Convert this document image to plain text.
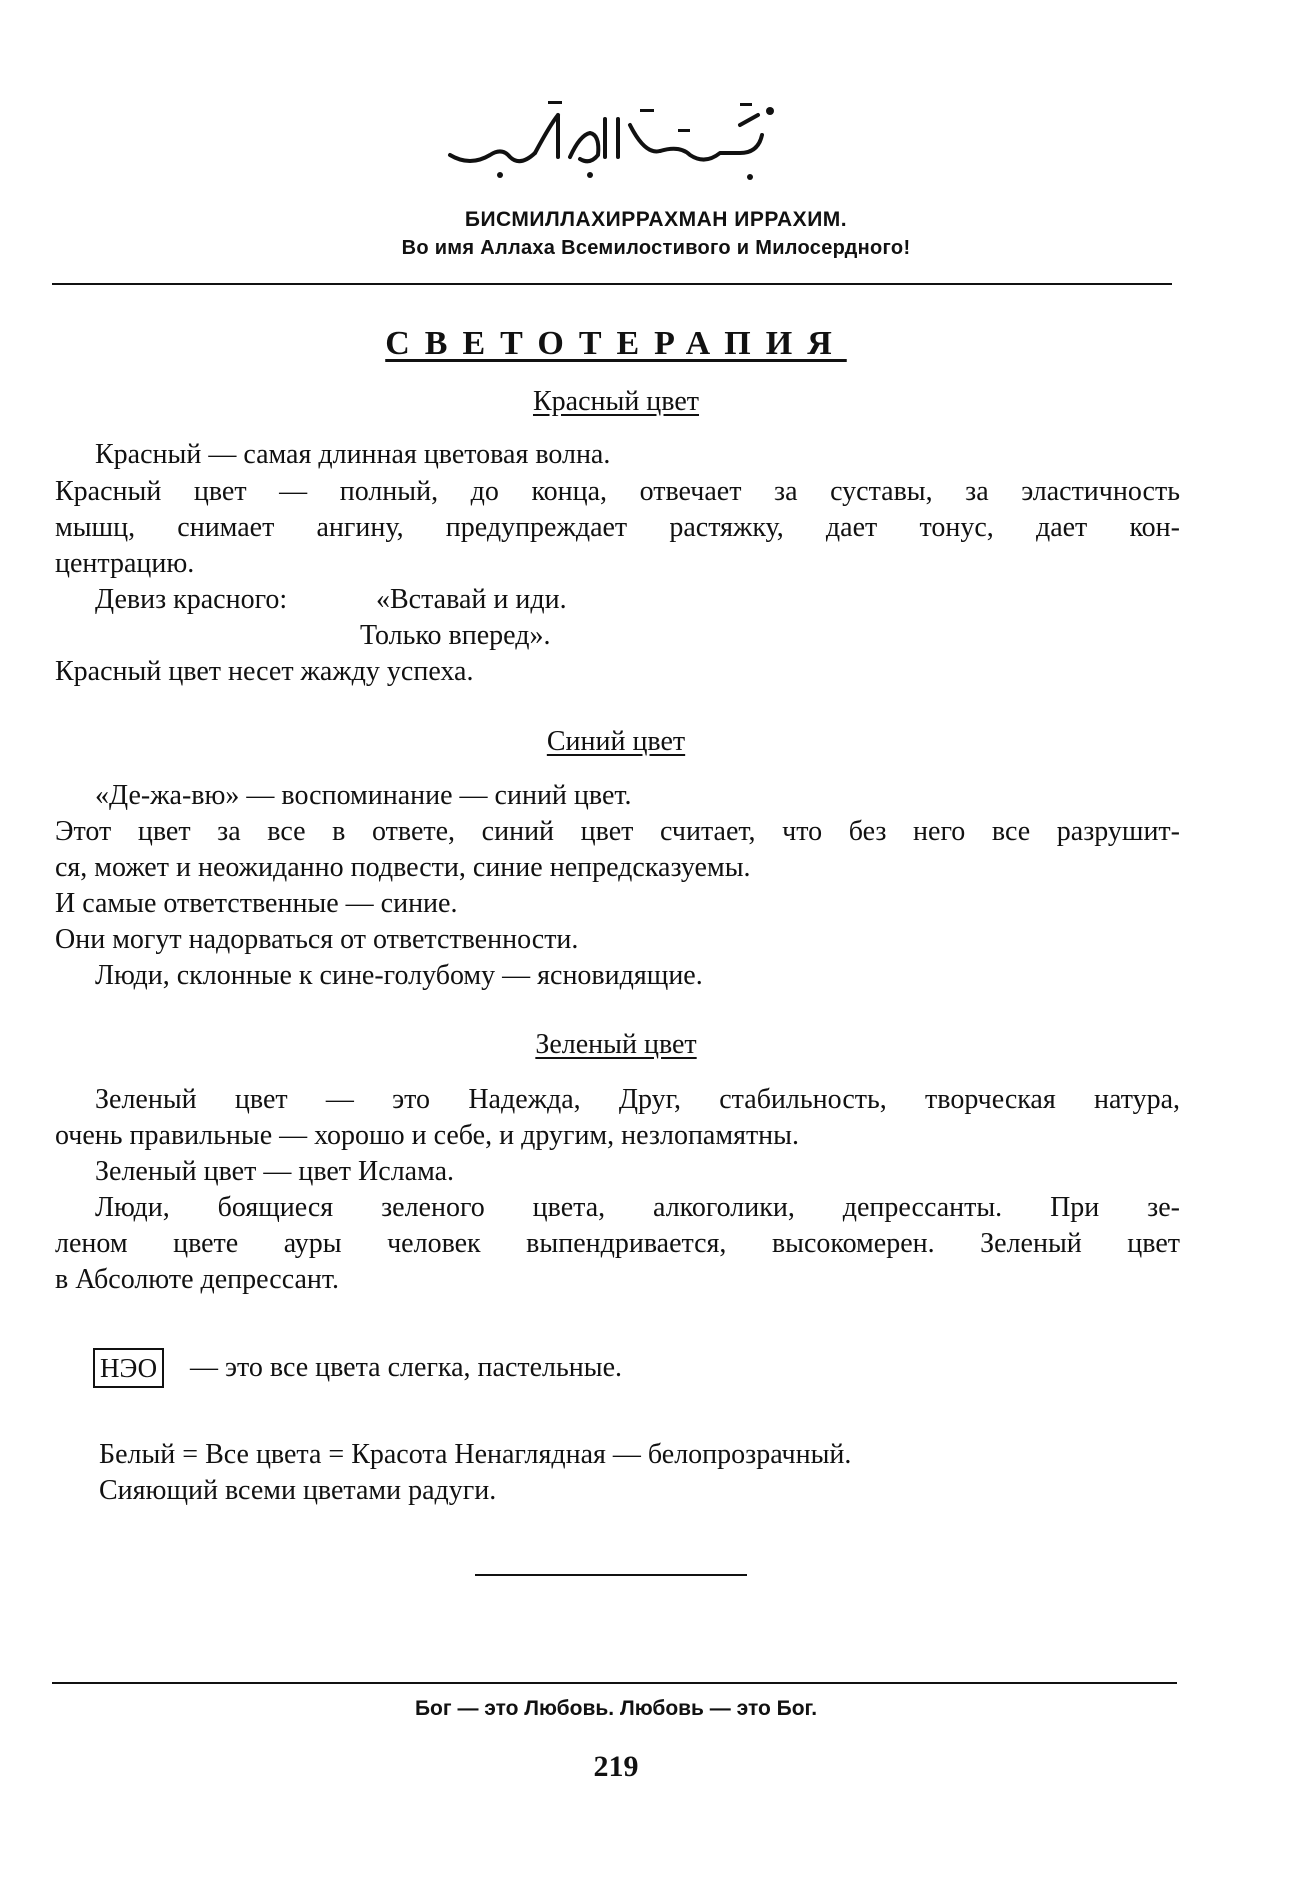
БИСМИЛЛАХИРРАХМАН ИРРАХИМ.
Во имя Аллаха Всемилостивого и Милосердного!
СВЕТОТЕРАПИЯ
Красный цвет
Красный — самая длинная цветовая волна.
Красный цвет — полный, до конца, отвечает за суставы, за эластичность
мышц, снимает ангину, предупреждает растяжку, дает тонус, дает кон-
центрацию.
Девиз красного:	«Вставай и иди.
Только вперед».
Красный цвет несет жажду успеха.
Синий цвет
«Де-жа-вю» — воспоминание — синий цвет.
Этот цвет за все в ответе, синий цвет считает, что без него все разрушит-
ся, может и неожиданно подвести, синие непредсказуемы.
И самые ответственные — синие.
Они могут надорваться от ответственности.
Люди, склонные к сине-голубому — ясновидящие.
Зеленый цвет
Зеленый цвет — это Надежда, Друг, стабильность, творческая натура,
очень правильные — хорошо и себе, и другим, незлопамятны.
Зеленый цвет — цвет Ислама.
Люди, боящиеся зеленого цвета, алкоголики, депрессанты. При зе-
леном цвете ауры человек выпендривается, высокомерен. Зеленый цвет
в Абсолюте депрессант.
НЭО — это все цвета слегка, пастельные.
Белый = Все цвета = Красота Ненаглядная — белопрозрачный.
Сияющий всеми цветами радуги.
Бог — это Любовь. Любовь — это Бог.
219
